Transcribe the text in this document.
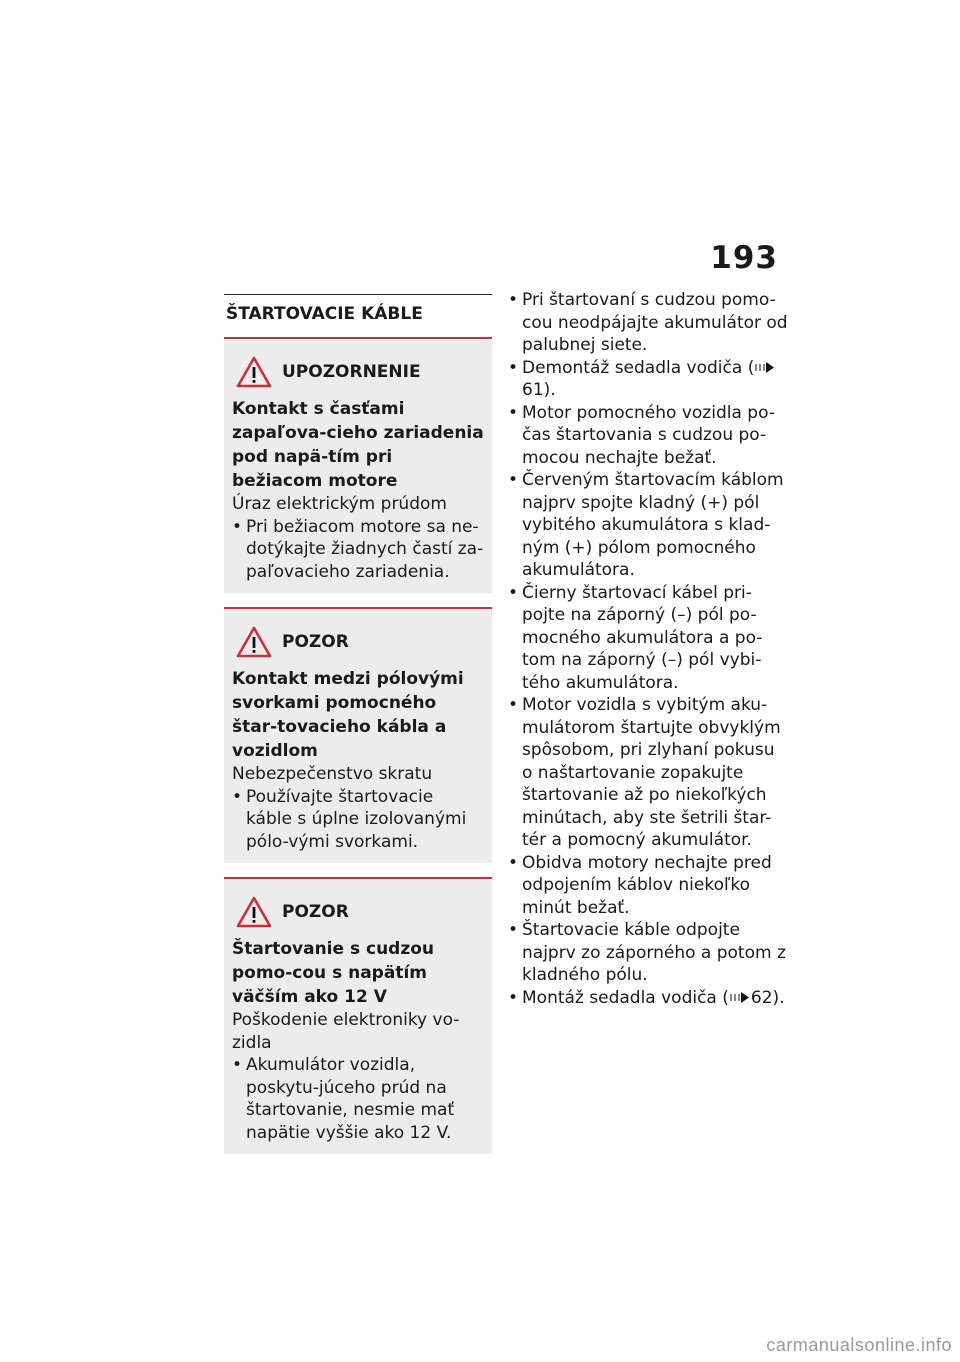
193
ŠTARTOVACIE KÁBLE
UPOZORNENIE
Kontakt s časťami zapaľova-cieho zariadenia pod napä-tím pri bežiacom motore
Úraz elektrickým prúdom
• Pri bežiacom motore sa ne-dotýkajte žiadnych častí za-paľovacieho zariadenia.
POZOR
Kontakt medzi pólovými svorkami pomocného štar-tovacieho kábla a vozidlom
Nebezpečenstvo skratu
• Používajte štartovacie káble s úplne izolovanými pólo-vými svorkami.
POZOR
Štartovanie s cudzou pomo-cou s napätím väčším ako 12 V
Poškodenie elektroniky vo-zidla
• Akumulátor vozidla, poskytu-júceho prúd na štartovanie, nesmie mať napätie vyššie ako 12 V.
• Pri štartovaní s cudzou pomo-cou neodpájajte akumulátor od palubnej siete.
• Demontáž sedadla vodiča (61).
• Motor pomocného vozidla po-čas štartovania s cudzou po-mocou nechajte bežať.
• Červeným štartovacím káblom najprv spojte kladný (+) pól vybitého akumulátora s klad-ným (+) pólom pomocného akumulátora.
• Čierny štartovací kábel pri-pojte na záporný (–) pól po-mocného akumulátora a po-tom na záporný (–) pól vybi-tého akumulátora.
• Motor vozidla s vybitým aku-mulátorom štartujte obvyklým spôsobom, pri zlyhaní pokusu o naštartovanie zopakujte štartovanie až po niekoľkých minútach, aby ste šetrili štar-tér a pomocný akumulátor.
• Obidva motory nechajte pred odpojením káblov niekoľko minút bežať.
• Štartovacie káble odpojte najprv zo záporného a potom z kladného pólu.
• Montáž sedadla vodiča ( 62).
carmanualsonline.info
